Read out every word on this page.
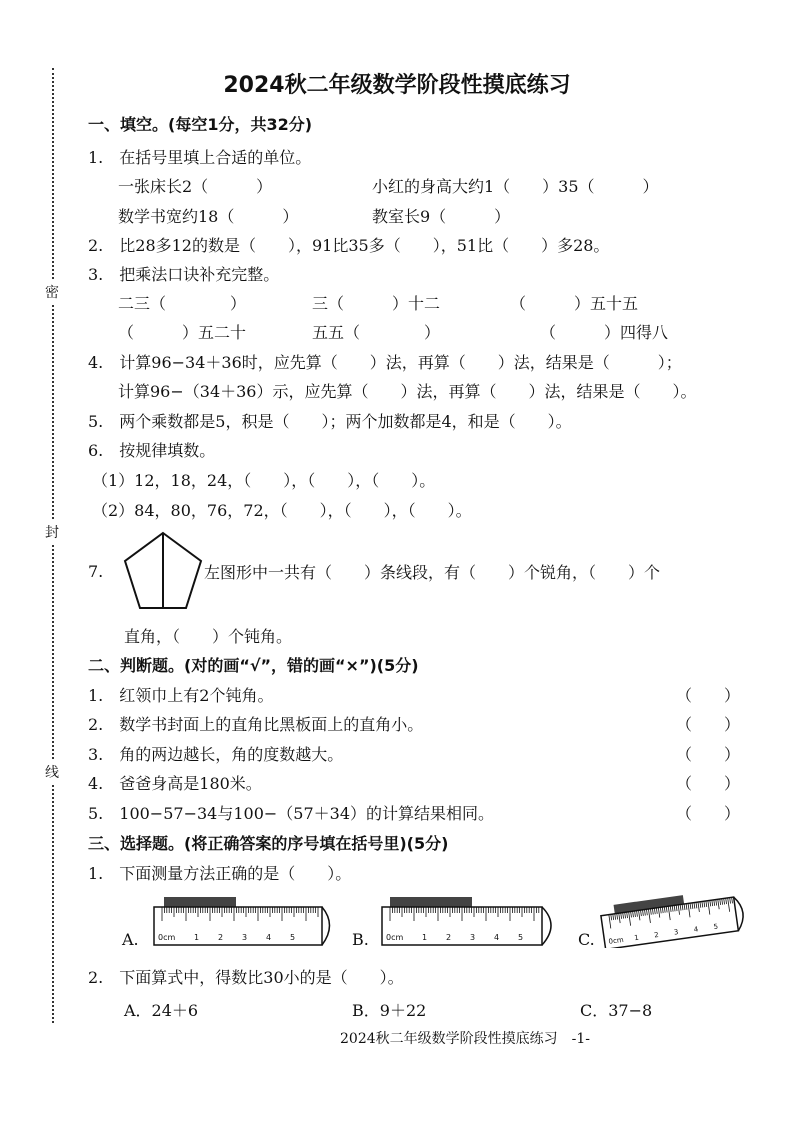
密
封
线
2024秋二年级数学阶段性摸底练习
一、填空。(每空1分，共32分)
1.　在括号里填上合适的单位。
一张床长2（　　　）	小红的身高大约1（　　）35（　　　）
数学书宽约18（　　　）	教室长9（　　　）
2.　比28多12的数是（　　），91比35多（　　），51比（　　）多28。
3.　把乘法口诀补充完整。
二三（　　　　）	三（　　　）十二	（　　　）五十五
（　　　）五二十	五五（　　　　）	（　　　）四得八
4.　计算96−34＋36时，应先算（　　）法，再算（　　）法，结果是（　　　）；
计算96−（34＋36）示，应先算（　　）法，再算（　　）法，结果是（　　）。
5.　两个乘数都是5，积是（　　）；两个加数都是4，和是（　　）。
6.　按规律填数。
（1）12，18，24，（　　），（　　），（　　）。
（2）84，80，76，72，（　　），（　　），（　　）。
7.	左图形中一共有（　　）条线段，有（　　）个锐角，（　　）个
直角，（　　）个钝角。
二、判断题。(对的画“√”，错的画“×”)(5分)
1.　红领巾上有2个钝角。	（　　）
2.　数学书封面上的直角比黑板面上的直角小。	（　　）
3.　角的两边越长，角的度数越大。	（　　）
4.　爸爸身高是180米。	（　　）
5.　100−57−34与100−（57＋34）的计算结果相同。	（　　）
三、选择题。(将正确答案的序号填在括号里)(5分)
1.　下面测量方法正确的是（　　）。
A. 0cm 1 2 3 4 5	B. 0cm 1 2 3 4 5	C. 0cm 1 2 3 4 5
2.　下面算式中，得数比30小的是（　　）。
A．24＋6	B．9＋22	C．37−8
2024秋二年级数学阶段性摸底练习　-1-
